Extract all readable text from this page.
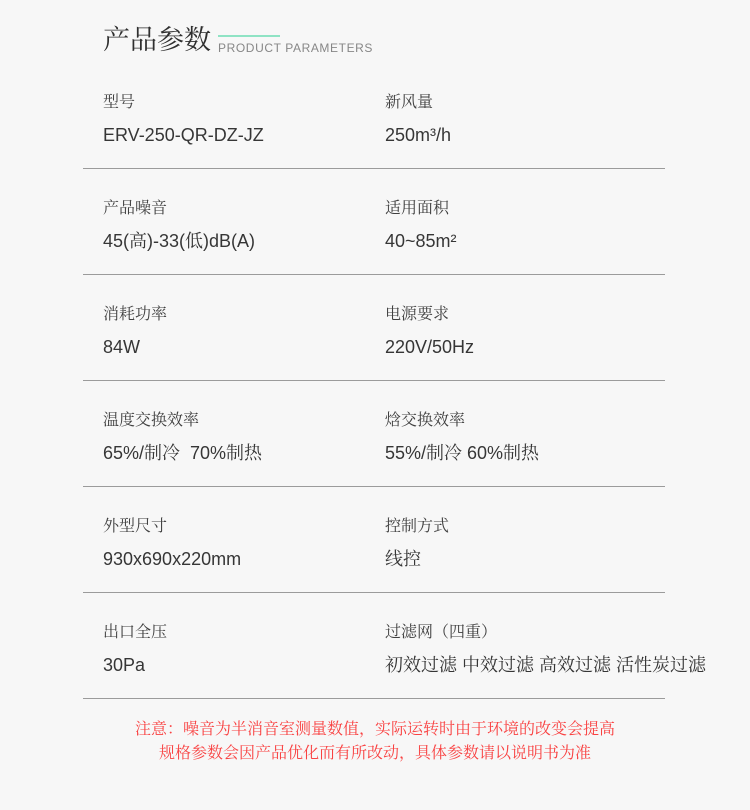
产品参数 PRODUCT PARAMETERS
型号
ERV-250-QR-DZ-JZ
新风量
250m³/h
产品噪音
45(高)-33(低)dB(A)
适用面积
40~85m²
消耗功率
84W
电源要求
220V/50Hz
温度交换效率
65%/制冷  70%制热
焓交换效率
55%/制冷 60%制热
外型尺寸
930x690x220mm
控制方式
线控
出口全压
30Pa
过滤网（四重）
初效过滤 中效过滤 高效过滤 活性炭过滤

注意：噪音为半消音室测量数值，实际运转时由于环境的改变会提高

规格参数会因产品优化而有所改动，具体参数请以说明书为准
